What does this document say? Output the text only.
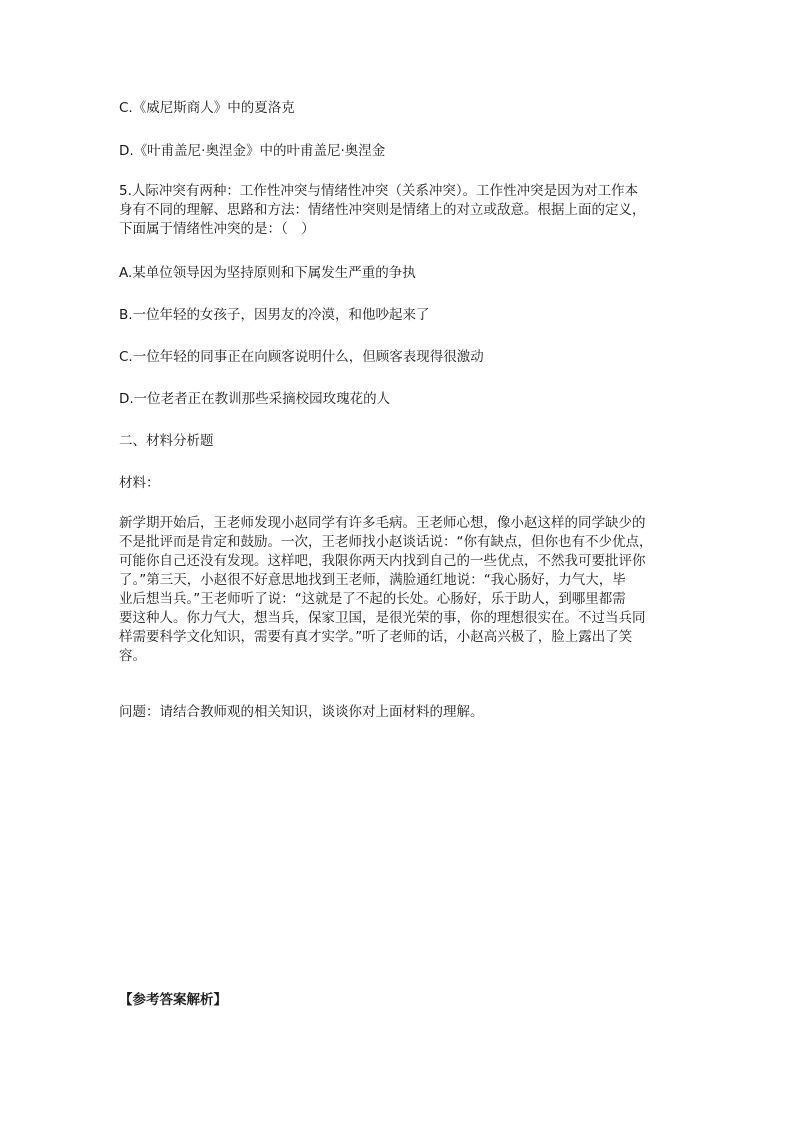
C.《威尼斯商人》中的夏洛克

D.《叶甫盖尼·奥涅金》中的叶甫盖尼·奥涅金

5.人际冲突有两种：工作性冲突与情绪性冲突（关系冲突）。工作性冲突是因为对工作本
身有不同的理解、思路和方法：情绪性冲突则是情绪上的对立或敌意。根据上面的定义，
下面属于情绪性冲突的是：（　）

A.某单位领导因为坚持原则和下属发生严重的争执

B.一位年轻的女孩子，因男友的冷漠，和他吵起来了

C.一位年轻的同事正在向顾客说明什么，但顾客表现得很激动

D.一位老者正在教训那些采摘校园玫瑰花的人

二、材料分析题

材料：

新学期开始后，王老师发现小赵同学有许多毛病。王老师心想，像小赵这样的同学缺少的
不是批评而是肯定和鼓励。一次，王老师找小赵谈话说：“你有缺点，但你也有不少优点，
可能你自己还没有发现。这样吧，我限你两天内找到自己的一些优点，不然我可要批评你
了。”第三天，小赵很不好意思地找到王老师，满脸通红地说：“我心肠好，力气大，毕
业后想当兵。”王老师听了说：“这就是了不起的长处。心肠好，乐于助人，到哪里都需
要这种人。你力气大，想当兵，保家卫国，是很光荣的事，你的理想很实在。不过当兵同
样需要科学文化知识，需要有真才实学。”听了老师的话，小赵高兴极了，脸上露出了笑
容。

问题：请结合教师观的相关知识，谈谈你对上面材料的理解。

【参考答案解析】
